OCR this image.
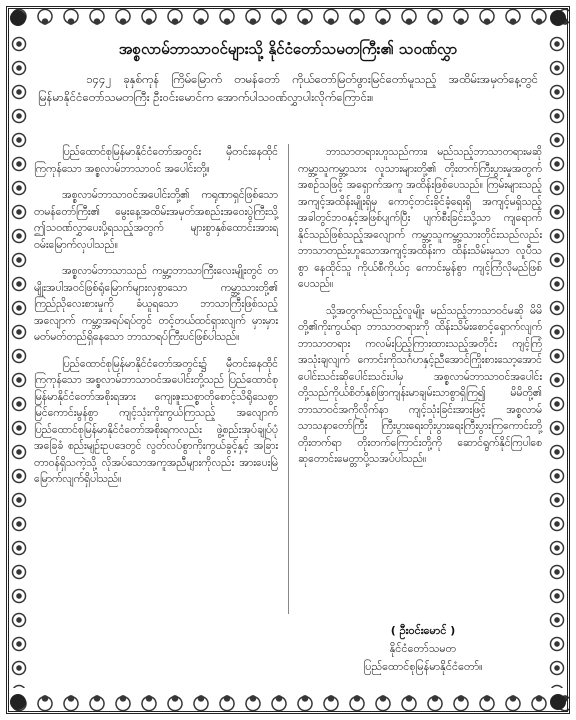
အစ္စလာမ်ဘာသာဝင်များသို့ နိုင်ငံတော်သမတကြီး၏ သဝဏ်လွှာ
၁၄၄၂ ခုနှစ်ကုန် ကြိမ်မြောက် တမန်တော် ကိုယ်တော်မြတ်ဖွားမြင်တော်မူသည့် အထိမ်းအမှတ်နေ့တွင် မြန်မာနိုင်ငံတော်သမတကြီး ဦးဝင်းမောင်က အောက်ပါသဝဏ်လွှာပါးလိုက်ကြောင်း။

ပြည်ထောင်စုမြန်မာနိုင်ငံတော်အတွင်း မှီတင်းနေထိုင်ကြကုန်သော အစ္စလာမ်ဘာသာဝင် အပေါင်းတို့။

အစ္စလာမ်ဘာသာဝင်အပေါင်းတို့၏ ကရုဏာရှင်ဖြစ်သော တမန်တော်ကြီး၏ မွေးနေ့အထိမ်းအမှတ်အစည်းအဝေးပွဲကြီးသို့ ဤသဝဏ်လွှာပေးပို့ရသည့်အတွက် များစွာနှစ်ထောင်းအားရဝမ်းမြောက်လှပါသည်။

အစ္စလာမ်ဘာသာသည် ကမ္ဘာ့ဘာသာကြီးလေးမျိုးတွင် တမျိုးအပါအဝင်ဖြစ်ရုံမြောက်များလှစွာသော ကမ္ဘာ့သားတို့၏ ကြည်ညိုလေးစားမှုကို ခံယူရသော ဘာသာကြီးဖြစ်သည့်အလျောက် ကမ္ဘာ့အရပ်ရပ်တွင် တင့်တယ်ထင်ရှားလျက် မှားမှားမတ်မတ်တည်ရှိနေသော ဘာသာရပ်ကြီးပင်ဖြစ်ပါသည်။

ပြည်ထောင်စုမြန်မာနိုင်ငံတော်အတွင်း၌ မှီတင်းနေထိုင်ကြကုန်သော အစ္စလာမ်ဘာသာဝင်အပေါင်းတို့သည် ပြည်ထောင်စုမြန်မာနိုင်ငံတော်အစိုးရအား ကျေးဇူးသစ္စာတိုစောင့်သိရိုသေစွာ မြင်ကောင်းမွန်စွာ ကျင့်သုံးကိုးကွယ်ကြသည့် အလျောက် ပြည်ထောင်စုမြန်မာနိုင်ငံတော်အစိုးရကလည်း ဖွဲ့စည်းအုပ်ချုပ်ပုံအခြေခံ စည်းမျဉ်းဥပဒေတွင် လွတ်လပ်စွာကိုးကွယ်ခွင့်နှင့် အခြားတာဝန်ရှိသကဲ့သို့ လိုအပ်သောအကူအညီများကိုလည်း အားပေးမြဲမြောက်လျက်ရှိပါသည်။

ဘာသာတရားဟူသည်ကား၊ မည်သည့်ဘာသာတရားမဆို ကမ္ဘာ့သူကမ္ဘာ့သား လူသားများတို့၏ တိုးတက်ကြီးပွားမှုအတွက် အစဉ်သဖြင့် အရှောက်အကူ အထိန်းဖြစ်ပေသည်။ ကြမ်းများသည့်အကျင့်အထိန်းမျိုးရှိမှ ကောင့်တင်းခိုင်ခံ့ရေးရှိ အကျင့်မရှိသည့်အခါတွင်ဘဝနှင့်အဖြစ်ပျက်ပြီး ပျက်စီးခြင်းသို့သာ ကျရောက်နိုင်သည်ဖြစ်သည့်အလျောက် ကမ္ဘာ့သူကမ္ဘာ့သားတိုင်းသည်လည်း ဘာသာတည်းဟူသောအကျင့်အထိန်းက ထိန်းသိမ်းမှသာ လူပီသစွာ နေထိုင်သူ ကိုယ်စီကိုယ်ငှ ကောင်းမွန်စွာ ကျင့်ကြံလိုမည်ဖြစ်ပေသည်။

သို့အတွက်မည်သည့်လူမျိုး မည်သည့်ဘာသာဝင်မဆို မိမိတို့၏ကိုးကွယ်ရာ ဘာသာတရားကို ထိန်းသိမ်းစောင့်ရှောက်လျက် ဘာသာတရား ကလမ်းပြည့်ကြားထားသည့်အတိုင်း ကျင့်ကြံအသုံးချလျက် ကောင်းကိုသင်္ဂဟနှင့်ညီအောင်ကြိုးစားသော့အောင်ပေါင်းသင်းဆိုပေါင်းသင်းပါမှ အစ္စလာမ်ဘာသာဝင်အပေါင်းတို့သည်ကိုယ်စိတ်နှစ်ဖြာကျန်းမာချမ်းသာစွာရှိကြ၍ မိမိတို့၏ ဘာသာဝင်အကိုလိုက်နာ ကျင့်သုံးခြင်းအားဖြင့် အစ္စလာမ်သာသနာတော်ကြီး ကြီးပွားရေးတိုးပွားရေးကြီးပွားကြကောင်းတို့ တိုးတက်ရာ တိုးတက်ကြောင်းတို့ကို ဆောင်ရွက်နိုင်ကြပါစေ ဆုတောင်းမေတ္တာပို့သအပ်ပါသည်။

( ဦးဝင်းမောင် )
နိုင်ငံတော်သမတ
ပြည်ထောင်စုမြန်မာနိုင်ငံတော်။
